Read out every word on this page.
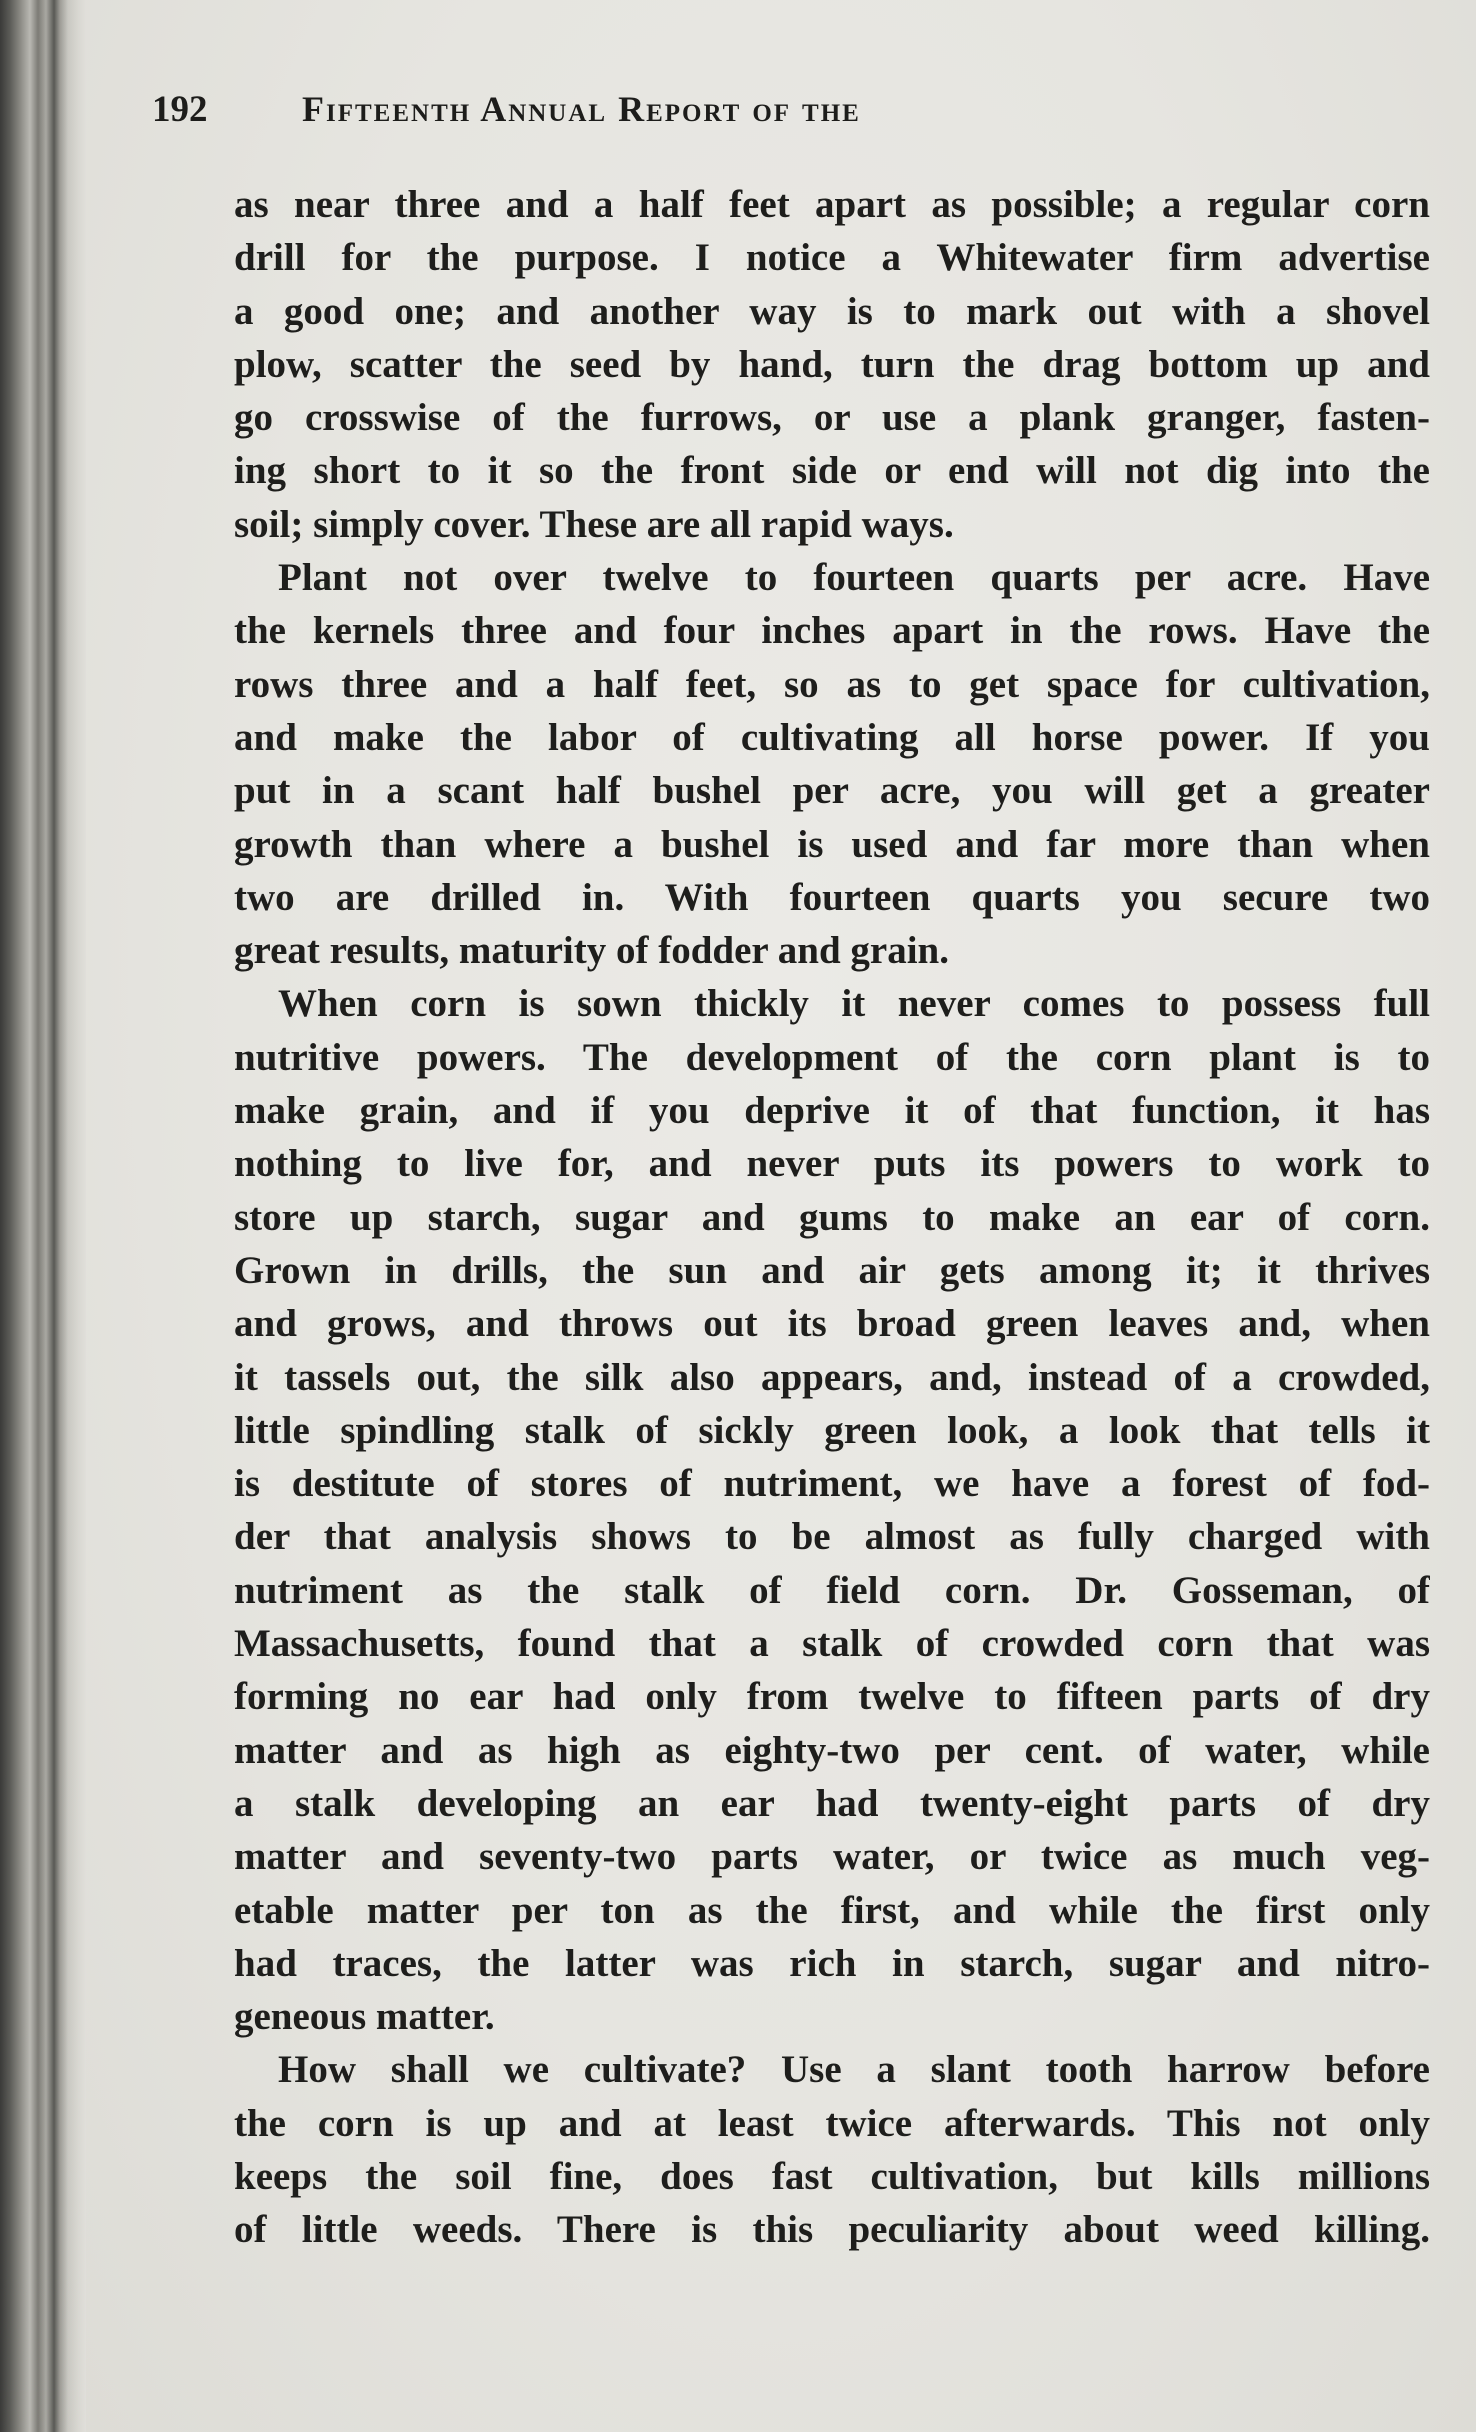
192	Fifteenth Annual Report of the
as near three and a half feet apart as possible; a regular corn
drill for the purpose. I notice a Whitewater firm advertise
a good one; and another way is to mark out with a shovel
plow, scatter the seed by hand, turn the drag bottom up and
go crosswise of the furrows, or use a plank granger, fasten-
ing short to it so the front side or end will not dig into the
soil; simply cover. These are all rapid ways.
Plant not over twelve to fourteen quarts per acre. Have
the kernels three and four inches apart in the rows. Have the
rows three and a half feet, so as to get space for cultivation,
and make the labor of cultivating all horse power. If you
put in a scant half bushel per acre, you will get a greater
growth than where a bushel is used and far more than when
two are drilled in. With fourteen quarts you secure two
great results, maturity of fodder and grain.
When corn is sown thickly it never comes to possess full
nutritive powers. The development of the corn plant is to
make grain, and if you deprive it of that function, it has
nothing to live for, and never puts its powers to work to
store up starch, sugar and gums to make an ear of corn.
Grown in drills, the sun and air gets among it; it thrives
and grows, and throws out its broad green leaves and, when
it tassels out, the silk also appears, and, instead of a crowded,
little spindling stalk of sickly green look, a look that tells it
is destitute of stores of nutriment, we have a forest of fod-
der that analysis shows to be almost as fully charged with
nutriment as the stalk of field corn. Dr. Gosseman, of
Massachusetts, found that a stalk of crowded corn that was
forming no ear had only from twelve to fifteen parts of dry
matter and as high as eighty-two per cent. of water, while
a stalk developing an ear had twenty-eight parts of dry
matter and seventy-two parts water, or twice as much veg-
etable matter per ton as the first, and while the first only
had traces, the latter was rich in starch, sugar and nitro-
geneous matter.
How shall we cultivate? Use a slant tooth harrow before
the corn is up and at least twice afterwards. This not only
keeps the soil fine, does fast cultivation, but kills millions
of little weeds. There is this peculiarity about weed killing.
